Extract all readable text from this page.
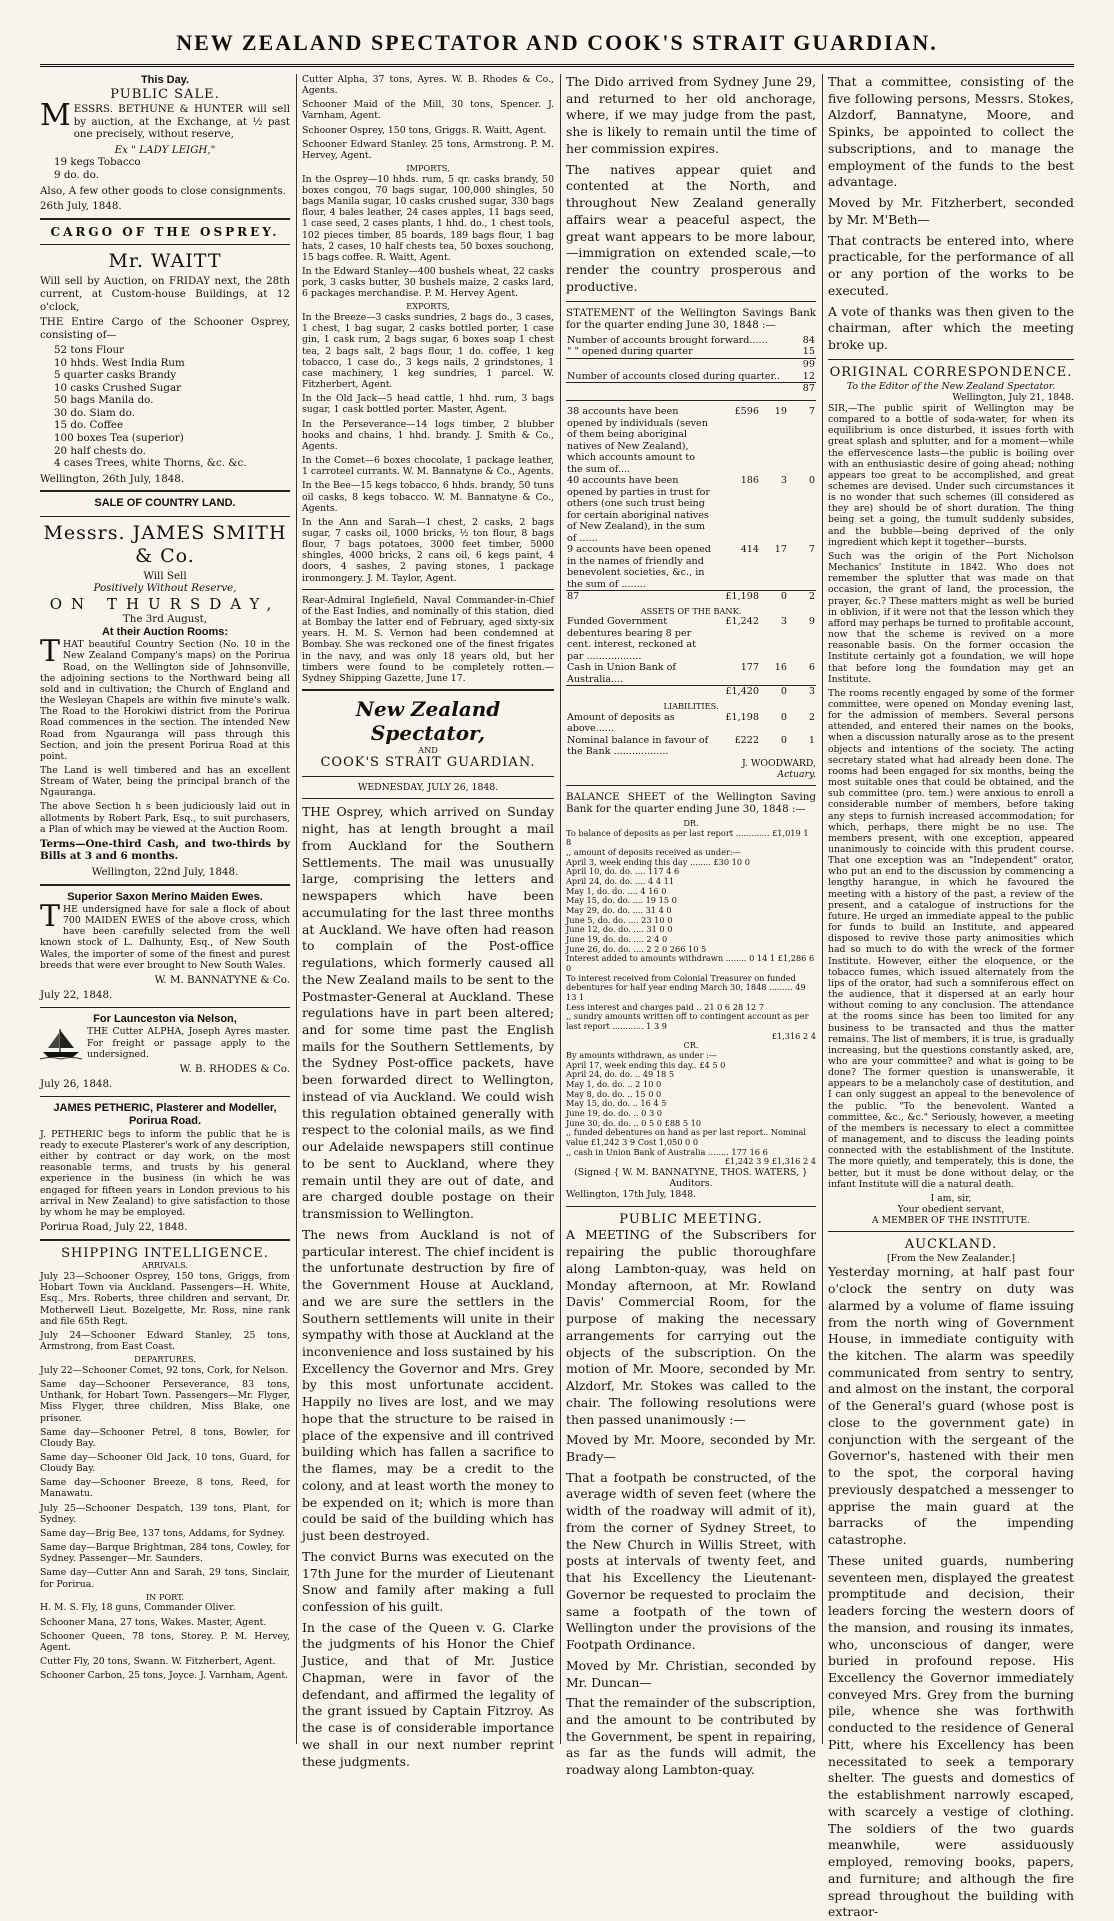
NEW ZEALAND SPECTATOR AND COOK'S STRAIT GUARDIAN.
This Day.
PUBLIC SALE.

MESSRS. BETHUNE & HUNTER will sell by auction, at the Exchange, at ½ past one precisely, without reserve,

Ex " LADY LEIGH,"
19 kegs Tobacco
9 do. do.

Also, A few other goods to close consignments.

26th July, 1848.

CARGO OF THE OSPREY.
Mr. WAITT

Will sell by Auction, on FRIDAY next, the 28th current, at Custom-house Buildings, at 12 o'clock,

THE Entire Cargo of the Schooner Osprey, consisting of—

52 tons Flour
10 hhds. West India Rum
5 quarter casks Brandy
10 casks Crushed Sugar
50 bags Manila do.
30 do. Siam do.
15 do. Coffee
100 boxes Tea (superior)
20 half chests do.
4 cases Trees, white Thorns, &c. &c.

Wellington, 26th July, 1848.

SALE OF COUNTRY LAND.
Messrs. JAMES SMITH & Co.
Will Sell
Positively Without Reserve,
ON THURSDAY,
The 3rd August,
At their Auction Rooms:

THAT beautiful Country Section (No. 10 in the New Zealand Company's maps) on the Porirua Road, on the Wellington side of Johnsonville, the adjoining sections to the Northward being all sold and in cultivation; the Church of England and the Wesleyan Chapels are within five minute's walk. The Road to the Horokiwi district from the Porirua Road commences in the section. The intended New Road from Ngauranga will pass through this Section, and join the present Porirua Road at this point.

The Land is well timbered and has an excellent Stream of Water, being the principal branch of the Ngauranga.

The above Section h s been judiciously laid out in allotments by Robert Park, Esq., to suit purchasers, a Plan of which may be viewed at the Auction Room.

Terms—One-third Cash, and two-thirds by Bills at 3 and 6 months.

Wellington, 22nd July, 1848.

Superior Saxon Merino Maiden Ewes.

THE undersigned have for sale a flock of about 700 MAIDEN EWES of the above cross, which have been carefully selected from the well known stock of L. Dalhunty, Esq., of New South Wales, the importer of some of the finest and purest breeds that were ever brought to New South Wales.

W. M. BANNATYNE & Co.

July 22, 1848.

For Launceston via Nelson,

THE Cutter ALPHA, Joseph Ayres master. For freight or passage apply to the undersigned.

W. B. RHODES & Co.

July 26, 1848.

JAMES PETHERIC, Plasterer and Modeller, Porirua Road.

J. PETHERIC begs to inform the public that he is ready to execute Plasterer's work of any description, either by contract or day work, on the most reasonable terms, and trusts by his general experience in the business (in which he was engaged for fifteen years in London previous to his arrival in New Zealand) to give satisfaction to those by whom he may be employed.

Porirua Road, July 22, 1848.

SHIPPING INTELLIGENCE.
ARRIVALS.

July 23—Schooner Osprey, 150 tons, Griggs, from Hobart Town via Auckland. Passengers—H. White, Esq., Mrs. Roberts, three children and servant, Dr. Motherwell Lieut. Bozelgette, Mr. Ross, nine rank and file 65th Regt.

July 24—Schooner Edward Stanley, 25 tons, Armstrong, from East Coast.

DEPARTURES.

July 22—Schooner Comet, 92 tons, Cork, for Nelson.

Same day—Schooner Perseverance, 83 tons, Unthank, for Hobart Town. Passengers—Mr. Flyger, Miss Flyger, three children, Miss Blake, one prisoner.

Same day—Schooner Petrel, 8 tons, Bowler, for Cloudy Bay.

Same day—Schooner Old Jack, 10 tons, Guard, for Cloudy Bay.

Same day—Schooner Breeze, 8 tons, Reed, for Manawatu.

July 25—Schooner Despatch, 139 tons, Plant, for Sydney.

Same day—Brig Bee, 137 tons, Addams, for Sydney.

Same day—Barque Brightman, 284 tons, Cowley, for Sydney. Passenger—Mr. Saunders.

Same day—Cutter Ann and Sarah, 29 tons, Sinclair, for Porirua.

IN PORT.

H. M. S. Fly, 18 guns, Commander Oliver.

Schooner Mana, 27 tons, Wakes. Master, Agent.

Schooner Queen, 78 tons, Storey. P. M. Hervey, Agent.

Cutter Fly, 20 tons, Swann. W. Fitzherbert, Agent.

Schooner Carbon, 25 tons, Joyce. J. Varnham, Agent.

Cutter Alpha, 37 tons, Ayres. W. B. Rhodes & Co., Agents.

Schooner Maid of the Mill, 30 tons, Spencer. J. Varnham, Agent.

Schooner Osprey, 150 tons, Griggs. R. Waitt, Agent.

Schooner Edward Stanley. 25 tons, Armstrong. P. M. Hervey, Agent.

IMPORTS,

In the Osprey—10 hhds. rum, 5 qr. casks brandy, 50 boxes congou, 70 bags sugar, 100,000 shingles, 50 bags Manila sugar, 10 casks crushed sugar, 330 bags flour, 4 bales leather, 24 cases apples, 11 bags seed, 1 case seed, 2 cases plants, 1 hhd. do., 1 chest tools, 102 pieces timber, 85 boards, 189 bags flour, 1 bag hats, 2 cases, 10 half chests tea, 50 boxes souchong, 15 bags coffee. R. Waitt, Agent.

In the Edward Stanley—400 bushels wheat, 22 casks pork, 3 casks butter, 30 bushels maize, 2 casks lard, 6 packages merchandise. P. M. Hervey Agent.

EXPORTS,

In the Breeze—3 casks sundries, 2 bags do., 3 cases, 1 chest, 1 bag sugar, 2 casks bottled porter, 1 case gin, 1 cask rum, 2 bags sugar, 6 boxes soap 1 chest tea, 2 bags salt, 2 bags flour, 1 do. coffee, 1 keg tobacco, 1 case do., 3 kegs nails, 2 grindstones, 1 case machinery, 1 keg sundries, 1 parcel. W. Fitzherbert, Agent.

In the Old Jack—5 head cattle, 1 hhd. rum, 3 bags sugar, 1 cask bottled porter. Master, Agent.

In the Perseverance—14 logs timber, 2 blubber hooks and chains, 1 hhd. brandy. J. Smith & Co., Agents.

In the Comet—6 boxes chocolate, 1 package leather, 1 carroteel currants. W. M. Bannatyne & Co., Agents.

In the Bee—15 kegs tobacco, 6 hhds. brandy, 50 tuns oil casks, 8 kegs tobacco. W. M. Bannatyne & Co., Agents.

In the Ann and Sarah—1 chest, 2 casks, 2 bags sugar, 7 casks oil, 1000 bricks, ½ ton flour, 8 bags flour, 7 bags potatoes, 3000 feet timber, 5000 shingles, 4000 bricks, 2 cans oil, 6 kegs paint, 4 doors, 4 sashes, 2 paving stones, 1 package ironmongery. J. M. Taylor, Agent.

Rear-Admiral Inglefield, Naval Commander-in-Chief of the East Indies, and nominally of this station, died at Bombay the latter end of February, aged sixty-six years. H. M. S. Vernon had been condemned at Bombay. She was reckoned one of the finest frigates in the navy, and was only 18 years old, but her timbers were found to be completely rotten.—Sydney Shipping Gazette, June 17.

New Zealand Spectator,
AND
COOK'S STRAIT GUARDIAN.
WEDNESDAY, JULY 26, 1848.

THE Osprey, which arrived on Sunday night, has at length brought a mail from Auckland for the Southern Settlements. The mail was unusually large, comprising the letters and newspapers which have been accumulating for the last three months at Auckland. We have often had reason to complain of the Post-office regulations, which formerly caused all the New Zealand mails to be sent to the Postmaster-General at Auckland. These regulations have in part been altered; and for some time past the English mails for the Southern Settlements, by the Sydney Post-office packets, have been forwarded direct to Wellington, instead of via Auckland. We could wish this regulation obtained generally with respect to the colonial mails, as we find our Adelaide newspapers still continue to be sent to Auckland, where they remain until they are out of date, and are charged double postage on their transmission to Wellington.

The news from Auckland is not of particular interest. The chief incident is the unfortunate destruction by fire of the Government House at Auckland, and we are sure the settlers in the Southern settlements will unite in their sympathy with those at Auckland at the inconvenience and loss sustained by his Excellency the Governor and Mrs. Grey by this most unfortunate accident. Happily no lives are lost, and we may hope that the structure to be raised in place of the expensive and ill contrived building which has fallen a sacrifice to the flames, may be a credit to the colony, and at least worth the money to be expended on it; which is more than could be said of the building which has just been destroyed.

The convict Burns was executed on the 17th June for the murder of Lieutenant Snow and family after making a full confession of his guilt.

In the case of the Queen v. G. Clarke the judgments of his Honor the Chief Justice, and that of Mr. Justice Chapman, were in favor of the defendant, and affirmed the legality of the grant issued by Captain Fitzroy. As the case is of considerable importance we shall in our next number reprint these judgments.

The Dido arrived from Sydney June 29, and returned to her old anchorage, where, if we may judge from the past, she is likely to remain until the time of her commission expires.

The natives appear quiet and contented at the North, and throughout New Zealand generally affairs wear a peaceful aspect, the great want appears to be more labour,—immigration on extended scale,—to render the country prosperous and productive.

STATEMENT of the Wellington Savings Bank for the quarter ending June 30, 1848 :—

Number of accounts brought forward......	84
" " opened during quarter	15
	99
Number of accounts closed during quarter..	12
	87
38 accounts have been opened by individuals (seven of them being aboriginal natives of New Zealand), which accounts amount to the sum of....	£596	19	7
40 accounts have been opened by parties in trust for others (one such trust being for certain aboriginal natives of New Zealand), in the sum of ......	186	3	0
9 accounts have been opened in the names of friendly and benevolent societies, &c., in the sum of ........	414	17	7
87	£1,198	0	2
ASSETS OF THE BANK.
Funded Government debentures bearing 8 per cent. interest, reckoned at par ..................	£1,242	3	9
Cash in Union Bank of Australia....	177	16	6
	£1,420	0	3
LIABILITIES.
Amount of deposits as above......	£1,198	0	2
Nominal balance in favour of the Bank ..................	£222	0	1
J. WOODWARD,
Actuary.

BALANCE SHEET of the Wellington Saving Bank for the quarter ending June 30, 1848 :—

DR.
To balance of deposits as per last report ............. £1,019 1 8
,, amount of deposits received as under:—
April 3, week ending this day ........ £30 10 0
April 10, do. do. .... 117 4 6
April 24, do. do. .... 4 4 11
May 1, do. do. .... 4 16 0
May 15, do. do. .... 19 15 0
May 29, do. do. .... 31 4 0
June 5, do. do. .... 23 10 0
June 12, do. do. .... 31 0 0
June 19, do. do. .... 2 4 0
June 26, do. do. .... 2 2 0 266 10 5
Interest added to amounts withdrawn ........ 0 14 1 £1,286 6 0
To interest received from Colonial Treasurer on funded debentures for half year ending March 30, 1848 ......... 49 13 1
Less interest and charges paid .. 21 0 6 28 12 7
,, sundry amounts written off to contingent account as per last report ............ 1 3 9
£1,316 2 4
CR.
By amounts withdrawn, as under :—
April 17, week ending this day.. £4 5 0
April 24, do. do. .. 49 18 5
May 1, do. do. .. 2 10 0
May 8, do. do. .. 15 0 0
May 15, do. do. .. 16 4 5
June 19, do. do. .. 0 3 0
June 30, do. do. .. 0 5 0 £88 5 10
,, funded debentures on hand as per last report.. Nominal value £1,242 3 9 Cost 1,050 0 0
,, cash in Union Bank of Australia ........ 177 16 6
£1,242 3 9 £1,316 2 4
(Signed { W. M. BANNATYNE, THOS. WATERS, } Auditors.
Wellington, 17th July, 1848.
PUBLIC MEETING.

A MEETING of the Subscribers for repairing the public thoroughfare along Lambton-quay, was held on Monday afternoon, at Mr. Rowland Davis' Commercial Room, for the purpose of making the necessary arrangements for carrying out the objects of the subscription. On the motion of Mr. Moore, seconded by Mr. Alzdorf, Mr. Stokes was called to the chair. The following resolutions were then passed unanimously :—

Moved by Mr. Moore, seconded by Mr. Brady—

That a footpath be constructed, of the average width of seven feet (where the width of the roadway will admit of it), from the corner of Sydney Street, to the New Church in Willis Street, with posts at intervals of twenty feet, and that his Excellency the Lieutenant-Governor be requested to proclaim the same a footpath of the town of Wellington under the provisions of the Footpath Ordinance.

Moved by Mr. Christian, seconded by Mr. Duncan—

That the remainder of the subscription, and the amount to be contributed by the Government, be spent in repairing, as far as the funds will admit, the roadway along Lambton-quay.

That a committee, consisting of the five following persons, Messrs. Stokes, Alzdorf, Bannatyne, Moore, and Spinks, be appointed to collect the subscriptions, and to manage the employment of the funds to the best advantage.

Moved by Mr. Fitzherbert, seconded by Mr. M'Beth—

That contracts be entered into, where practicable, for the performance of all or any portion of the works to be executed.

A vote of thanks was then given to the chairman, after which the meeting broke up.

ORIGINAL CORRESPONDENCE.
To the Editor of the New Zealand Spectator.
Wellington, July 21, 1848.

SIR,—The public spirit of Wellington may be compared to a bottle of soda-water, for when its equilibrium is once disturbed, it issues forth with great splash and splutter, and for a moment—while the effervescence lasts—the public is boiling over with an enthusiastic desire of going ahead; nothing appears too great to be accomplished, and great schemes are devised. Under such circumstances it is no wonder that such schemes (ill considered as they are) should be of short duration. The thing being set a going, the tumult suddenly subsides, and the bubble—being deprived of the only ingredient which kept it together—bursts.

Such was the origin of the Port Nicholson Mechanics' Institute in 1842. Who does not remember the splutter that was made on that occasion, the grant of land, the procession, the prayer, &c.? These matters might as well be buried in oblivion, if it were not that the lesson which they afford may perhaps be turned to profitable account, now that the scheme is revived on a more reasonable basis. On the former occasion the Institute certainly got a foundation, we will hope that before long the foundation may get an Institute.

The rooms recently engaged by some of the former committee, were opened on Monday evening last, for the admission of members. Several persons attended, and entered their names on the books, when a discussion naturally arose as to the present objects and intentions of the society. The acting secretary stated what had already been done. The rooms had been engaged for six months, being the most suitable ones that could be obtained, and the sub committee (pro. tem.) were anxious to enroll a considerable number of members, before taking any steps to furnish increased accommodation; for which, perhaps, there might be no use. The members present, with one exception, appeared unanimously to coincide with this prudent course. That one exception was an "Independent" orator, who put an end to the discussion by commencing a lengthy harangue, in which he favoured the meeting with a history of the past, a review of the present, and a catalogue of instructions for the future. He urged an immediate appeal to the public for funds to build an Institute, and appeared disposed to revive those party animosities which had so much to do with the wreck of the former Institute. However, either the eloquence, or the tobacco fumes, which issued alternately from the lips of the orator, had such a somniferous effect on the audience, that it dispersed at an early hour without coming to any conclusion. The attendance at the rooms since has been too limited for any business to be transacted and thus the matter remains. The list of members, it is true, is gradually increasing, but the questions constantly asked, are, who are your committee? and what is going to be done? The former question is unanswerable, it appears to be a melancholy case of destitution, and I can only suggest an appeal to the benevolence of the public. "To the benevolent. Wanted a committee, &c., &c." Seriously, however, a meeting of the members is necessary to elect a committee of management, and to discuss the leading points connected with the establishment of the Institute. The more quietly, and temperately, this is done, the better, but it must be done without delay, or the infant Institute will die a natural death.

I am, sir,
Your obedient servant,
A MEMBER OF THE INSTITUTE.
AUCKLAND.
[From the New Zealander.]

Yesterday morning, at half past four o'clock the sentry on duty was alarmed by a volume of flame issuing from the north wing of Government House, in immediate contiguity with the kitchen. The alarm was speedily communicated from sentry to sentry, and almost on the instant, the corporal of the General's guard (whose post is close to the government gate) in conjunction with the sergeant of the Governor's, hastened with their men to the spot, the corporal having previously despatched a messenger to apprise the main guard at the barracks of the impending catastrophe.

These united guards, numbering seventeen men, displayed the greatest promptitude and decision, their leaders forcing the western doors of the mansion, and rousing its inmates, who, unconscious of danger, were buried in profound repose. His Excellency the Governor immediately conveyed Mrs. Grey from the burning pile, whence she was forthwith conducted to the residence of General Pitt, where his Excellency has been necessitated to seek a temporary shelter. The guests and domestics of the establishment narrowly escaped, with scarcely a vestige of clothing. The soldiers of the two guards meanwhile, were assiduously employed, removing books, papers, and furniture; and although the fire spread throughout the building with extraor-
